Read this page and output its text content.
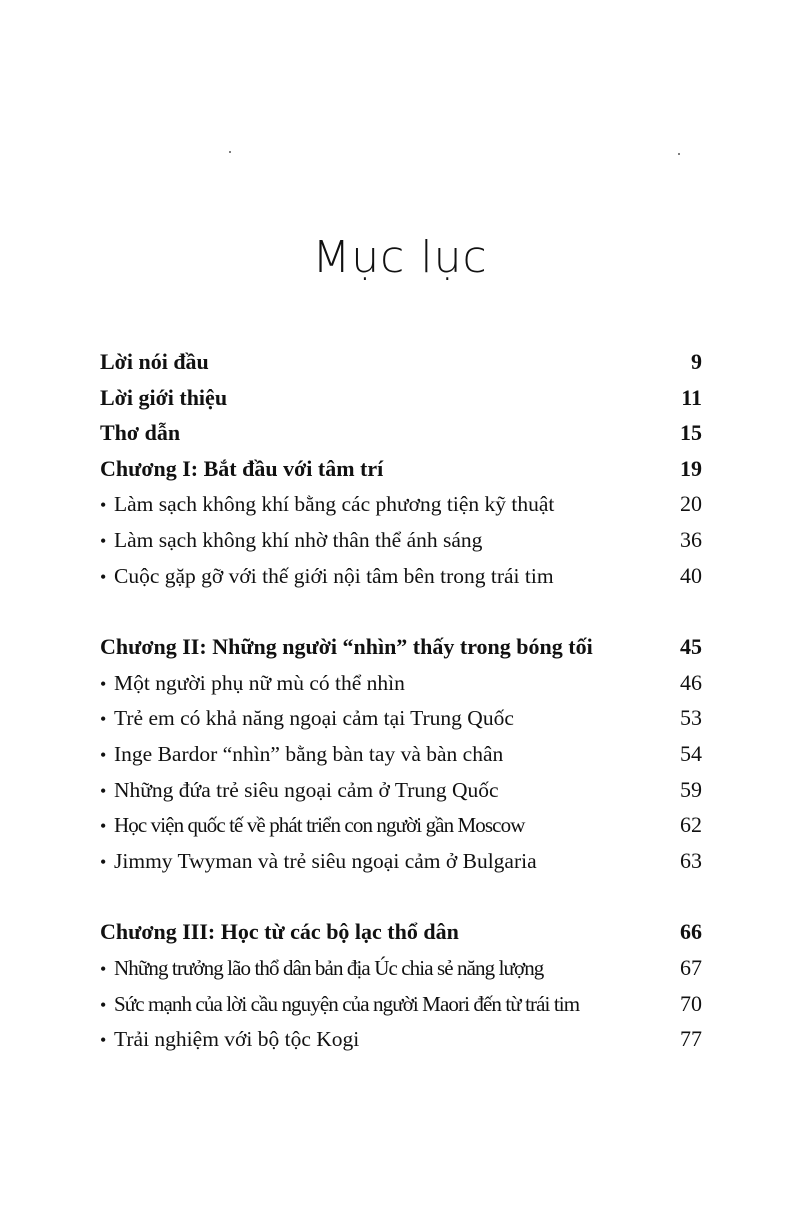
Mục lục
Lời nói đầu	9
Lời giới thiệu	11
Thơ dẫn	15
Chương I: Bắt đầu với tâm trí	19
• Làm sạch không khí bằng các phương tiện kỹ thuật	20
• Làm sạch không khí nhờ thân thể ánh sáng	36
• Cuộc gặp gỡ với thế giới nội tâm bên trong trái tim	40
Chương II: Những người “nhìn” thấy trong bóng tối	45
• Một người phụ nữ mù có thể nhìn	46
• Trẻ em có khả năng ngoại cảm tại Trung Quốc	53
• Inge Bardor “nhìn” bằng bàn tay và bàn chân	54
• Những đứa trẻ siêu ngoại cảm ở Trung Quốc	59
• Học viện quốc tế về phát triển con người gần Moscow	62
• Jimmy Twyman và trẻ siêu ngoại cảm ở Bulgaria	63
Chương III: Học từ các bộ lạc thổ dân	66
• Những trưởng lão thổ dân bản địa Úc chia sẻ năng lượng	67
• Sức mạnh của lời cầu nguyện của người Maori đến từ trái tim	70
• Trải nghiệm với bộ tộc Kogi	77
